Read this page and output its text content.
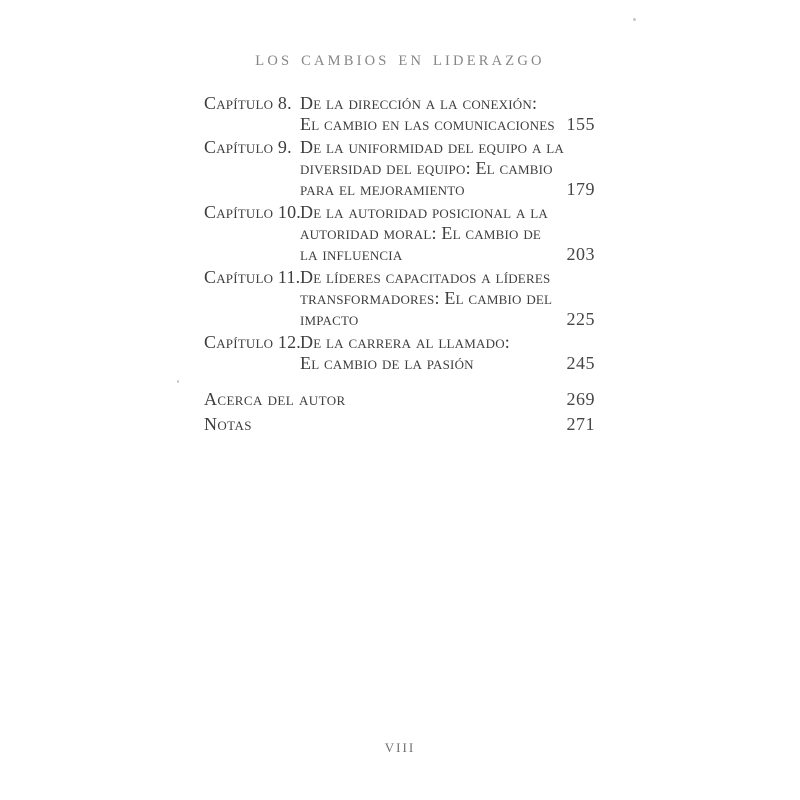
LOS CAMBIOS EN LIDERAZGO
Capítulo 8. De la dirección a la conexión:
El cambio en las comunicaciones 155
Capítulo 9. De la uniformidad del equipo a la
diversidad del equipo: El cambio
para el mejoramiento	179
Capítulo 10.
De la autoridad posicional a la
autoridad moral: El cambio de
la influencia	203
Capítulo 11. De líderes capacitados a líderes
transformadores: El cambio del
impacto	225
Capítulo 12.
De la carrera al llamado:
El cambio de la pasión	245
Acerca del autor	269
Notas	271
VIII
